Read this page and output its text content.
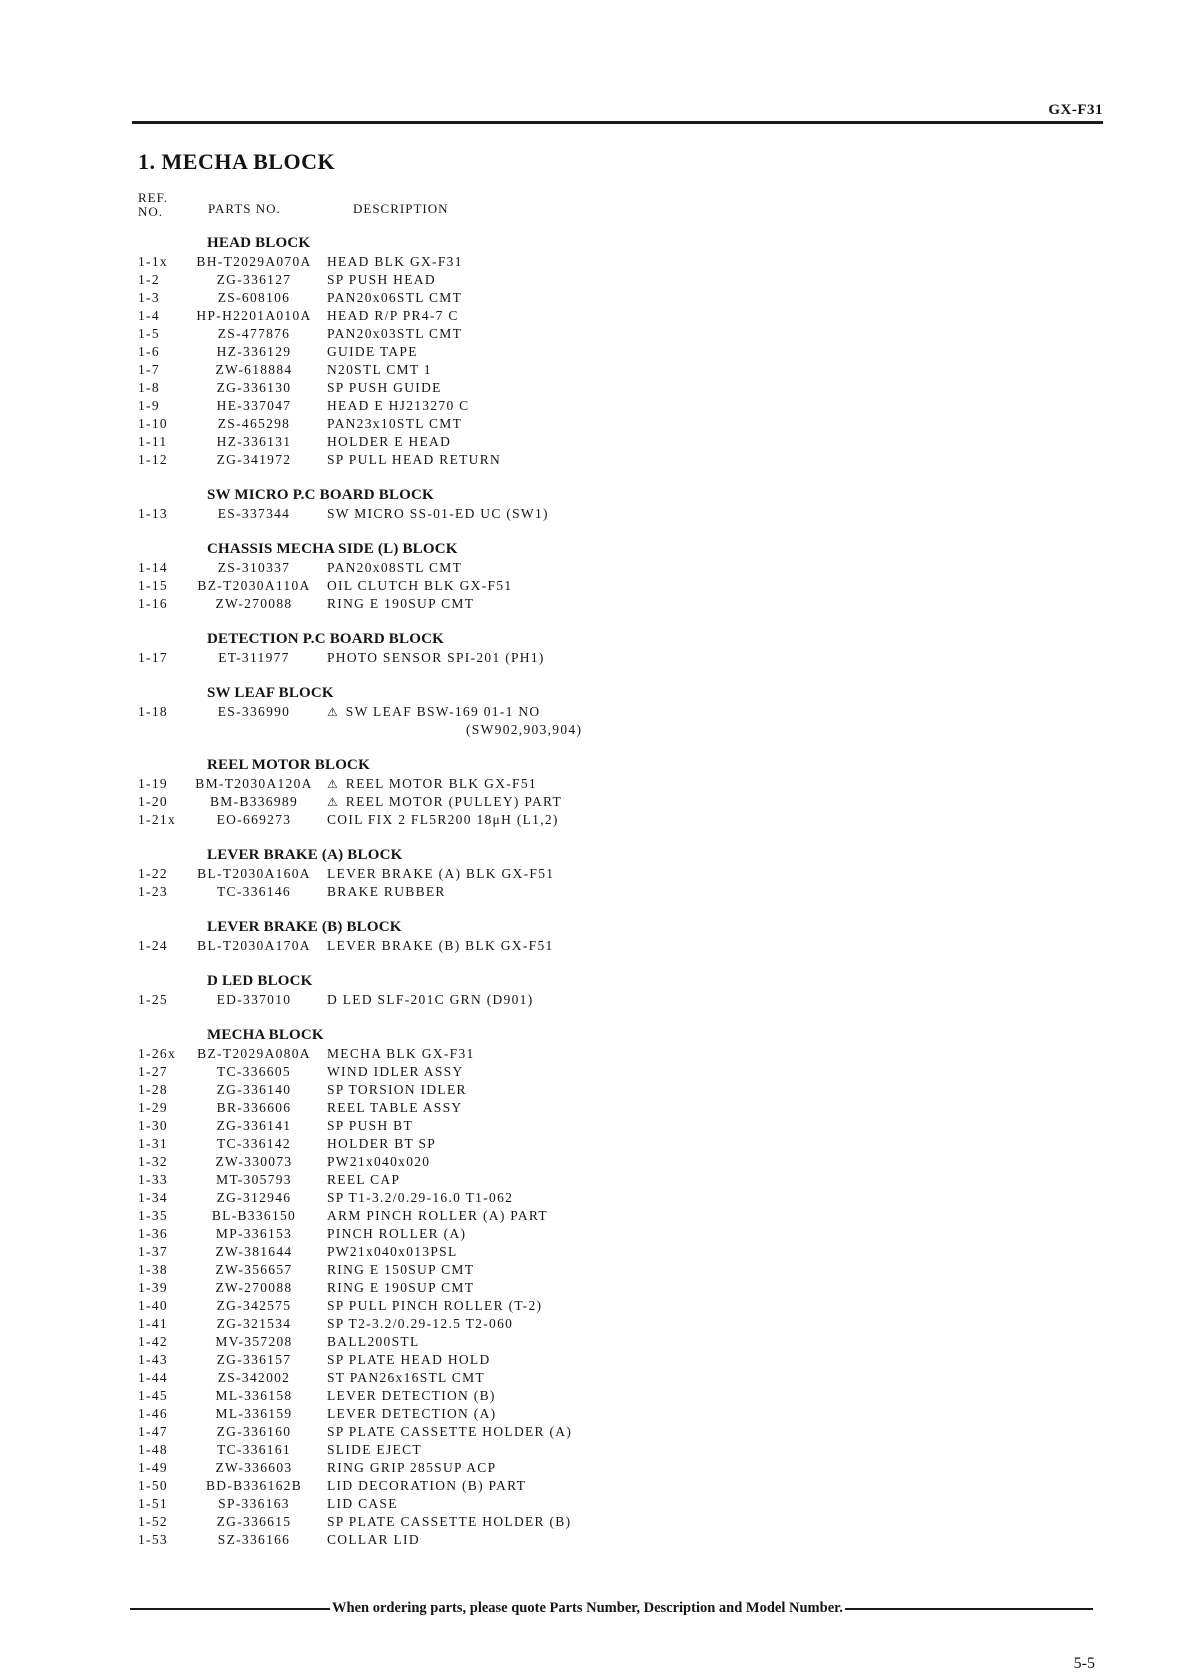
GX-F31
1. MECHA BLOCK
REF.
NO.	PARTS NO.	DESCRIPTION
HEAD BLOCK
1-1x	BH-T2029A070A	HEAD BLK GX-F31
1-2	ZG-336127	SP PUSH HEAD
1-3	ZS-608106	PAN20x06STL CMT
1-4	HP-H2201A010A	HEAD R/P PR4-7 C
1-5	ZS-477876	PAN20x03STL CMT
1-6	HZ-336129	GUIDE TAPE
1-7	ZW-618884	N20STL CMT 1
1-8	ZG-336130	SP PUSH GUIDE
1-9	HE-337047	HEAD E HJ213270 C
1-10	ZS-465298	PAN23x10STL CMT
1-11	HZ-336131	HOLDER E HEAD
1-12	ZG-341972	SP PULL HEAD RETURN
SW MICRO P.C BOARD BLOCK
1-13	ES-337344	SW MICRO SS-01-ED UC (SW1)
CHASSIS MECHA SIDE (L) BLOCK
1-14	ZS-310337	PAN20x08STL CMT
1-15	BZ-T2030A110A	OIL CLUTCH BLK GX-F51
1-16	ZW-270088	RING E 190SUP CMT
DETECTION P.C BOARD BLOCK
1-17	ET-311977	PHOTO SENSOR SPI-201 (PH1)
SW LEAF BLOCK
1-18	ES-336990	⚠ SW LEAF BSW-169 01-1 NO
(SW902,903,904)
REEL MOTOR BLOCK
1-19	BM-T2030A120A	⚠ REEL MOTOR BLK GX-F51
1-20	BM-B336989	⚠ REEL MOTOR (PULLEY) PART
1-21x	EO-669273	COIL FIX 2 FL5R200 18μH (L1,2)
LEVER BRAKE (A) BLOCK
1-22	BL-T2030A160A	LEVER BRAKE (A) BLK GX-F51
1-23	TC-336146	BRAKE RUBBER
LEVER BRAKE (B) BLOCK
1-24	BL-T2030A170A	LEVER BRAKE (B) BLK GX-F51
D LED BLOCK
1-25	ED-337010	D LED SLF-201C GRN (D901)
MECHA BLOCK
1-26x	BZ-T2029A080A	MECHA BLK GX-F31
1-27	TC-336605	WIND IDLER ASSY
1-28	ZG-336140	SP TORSION IDLER
1-29	BR-336606	REEL TABLE ASSY
1-30	ZG-336141	SP PUSH BT
1-31	TC-336142	HOLDER BT SP
1-32	ZW-330073	PW21x040x020
1-33	MT-305793	REEL CAP
1-34	ZG-312946	SP T1-3.2/0.29-16.0 T1-062
1-35	BL-B336150	ARM PINCH ROLLER (A) PART
1-36	MP-336153	PINCH ROLLER (A)
1-37	ZW-381644	PW21x040x013PSL
1-38	ZW-356657	RING E 150SUP CMT
1-39	ZW-270088	RING E 190SUP CMT
1-40	ZG-342575	SP PULL PINCH ROLLER (T-2)
1-41	ZG-321534	SP T2-3.2/0.29-12.5 T2-060
1-42	MV-357208	BALL200STL
1-43	ZG-336157	SP PLATE HEAD HOLD
1-44	ZS-342002	ST PAN26x16STL CMT
1-45	ML-336158	LEVER DETECTION (B)
1-46	ML-336159	LEVER DETECTION (A)
1-47	ZG-336160	SP PLATE CASSETTE HOLDER (A)
1-48	TC-336161	SLIDE EJECT
1-49	ZW-336603	RING GRIP 285SUP ACP
1-50	BD-B336162B	LID DECORATION (B) PART
1-51	SP-336163	LID CASE
1-52	ZG-336615	SP PLATE CASSETTE HOLDER (B)
1-53	SZ-336166	COLLAR LID
When ordering parts, please quote Parts Number, Description and Model Number.
5-5
